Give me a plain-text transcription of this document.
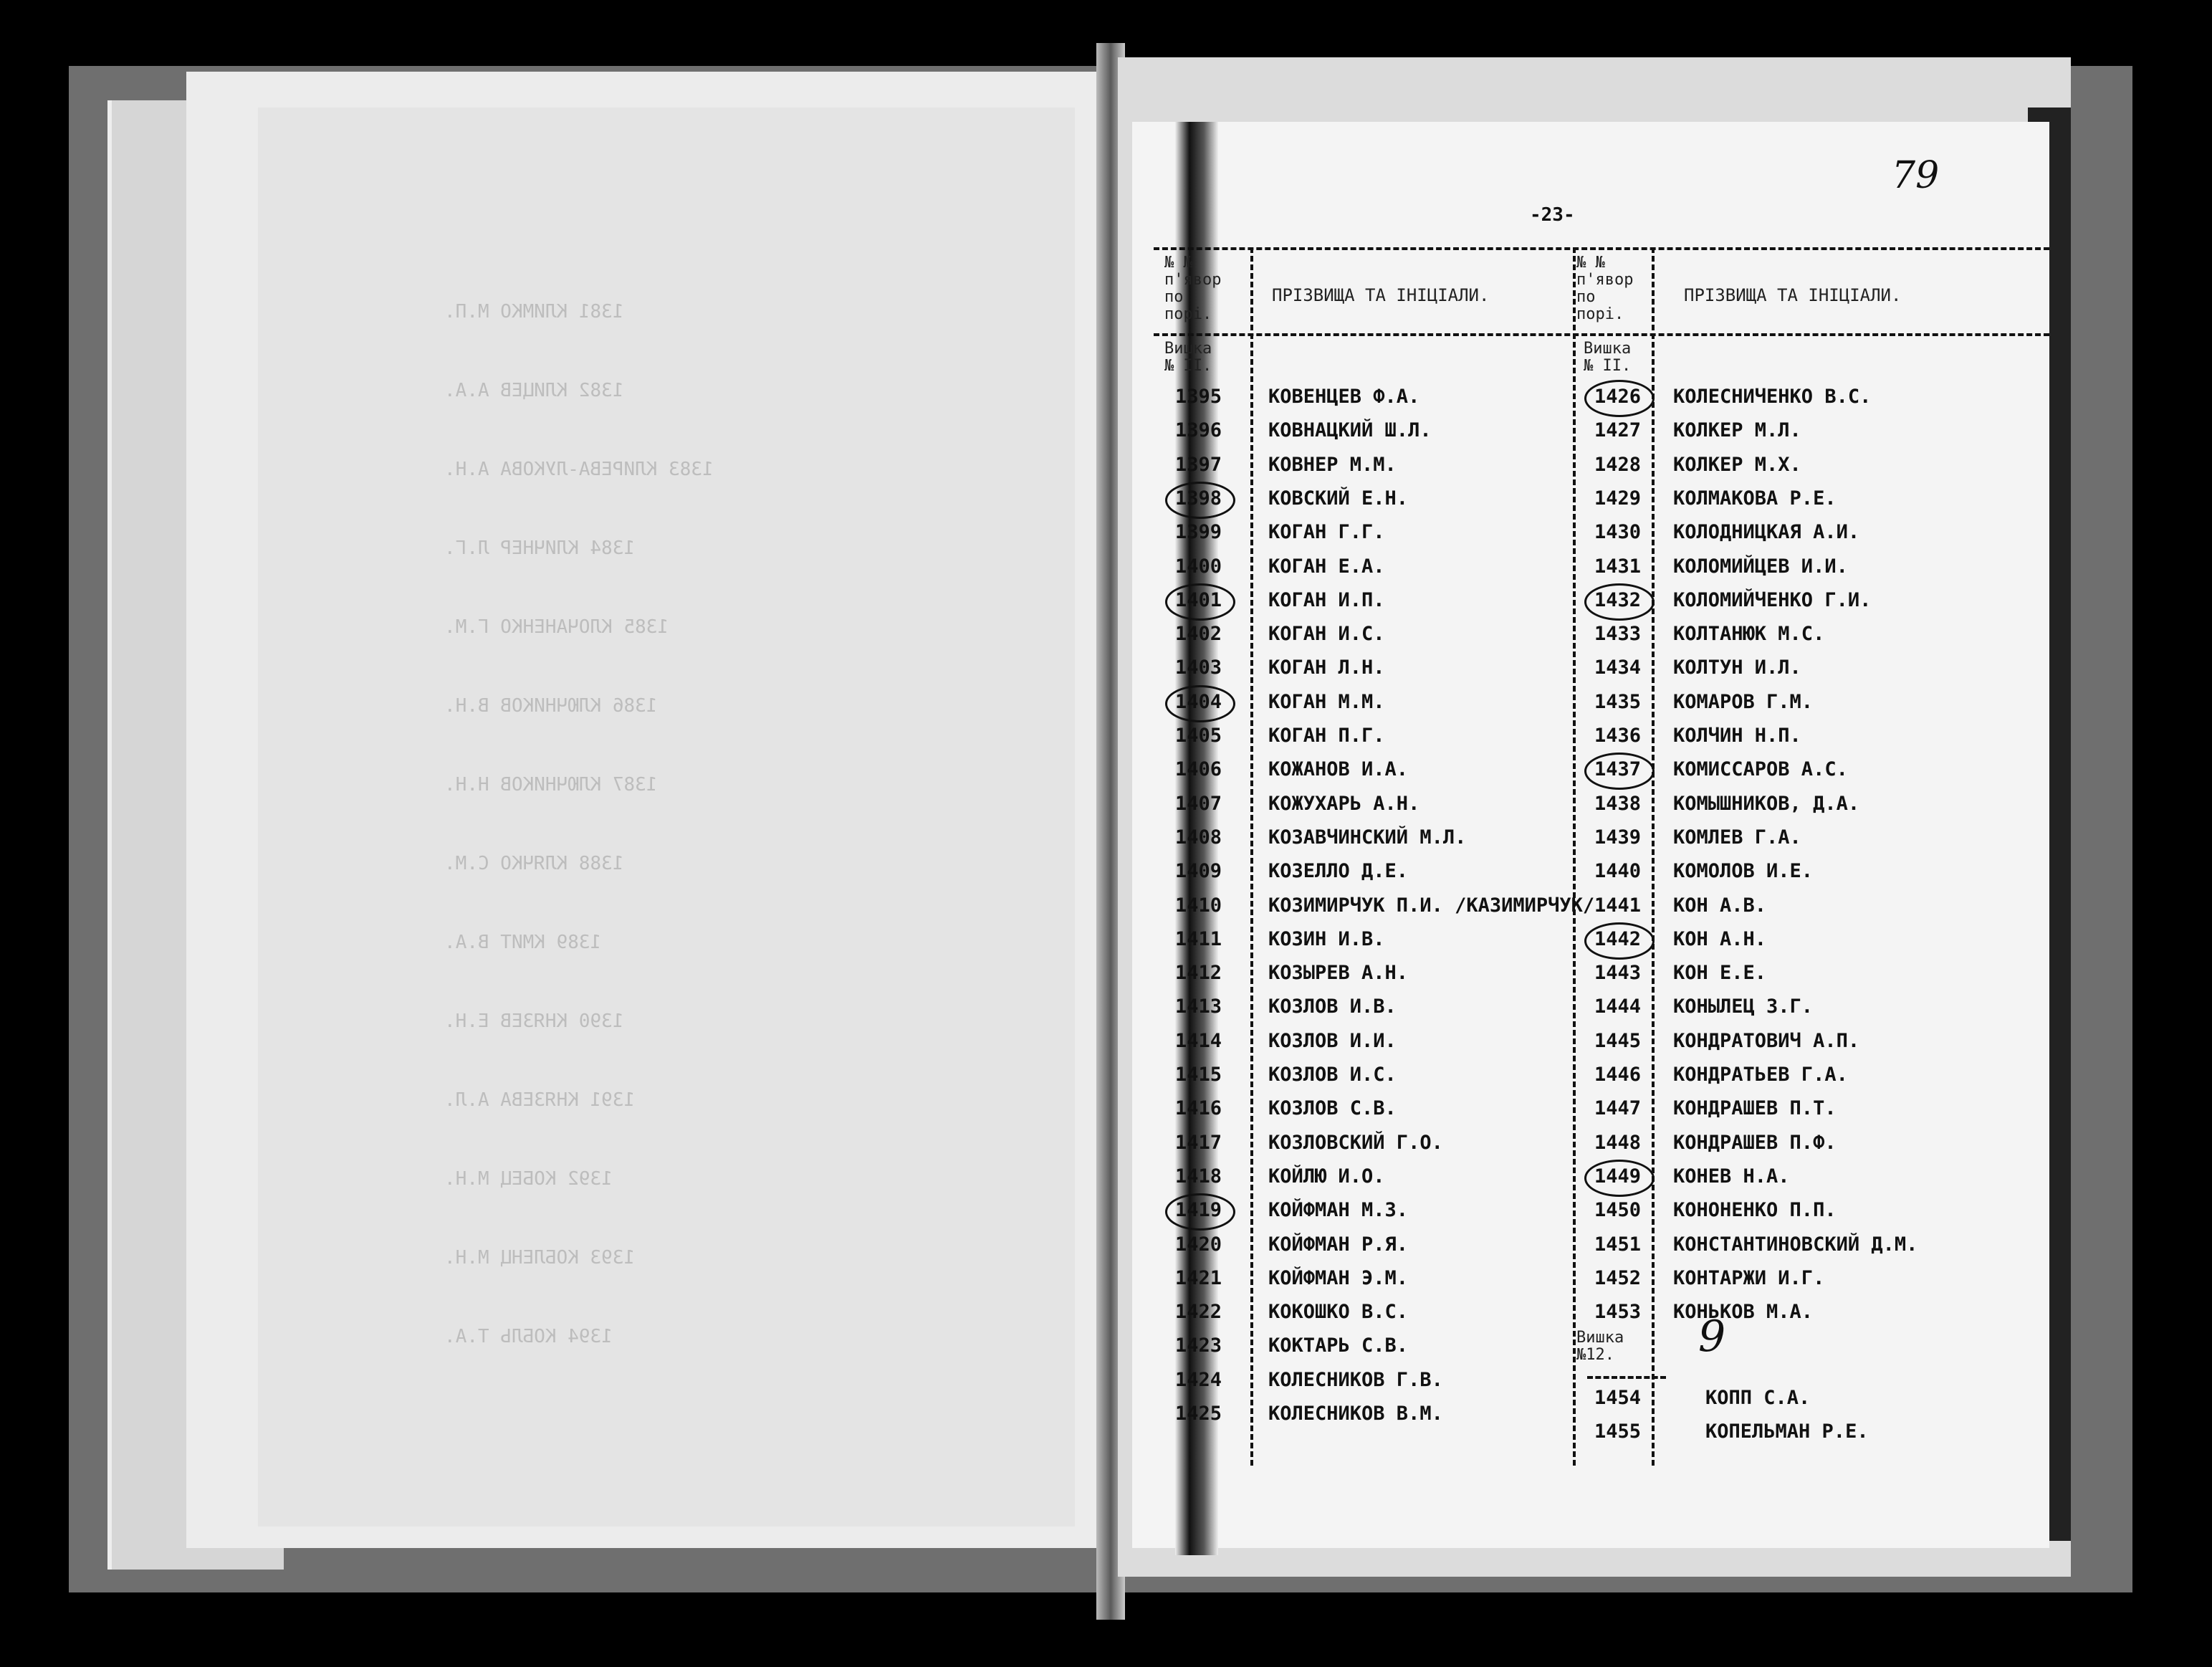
1381 КЛИМКО М.П.
1382 КЛИЦЕВ А.А.
1383 КЛИРЕВА-ЛУКОВА А.Н.
1384 КЛИЧНЕР Л.Г.
1385 КЛОЧАНЕНКО Г.М.
1386 КЛЮЧНИКОВ В.Н.
1387 КЛЮЧНИКОВ Н.Н.
1388 КЛЯЧКО С.М.
1389 КМИТ В.А.
1390 КНЯЗЕВ Е.Н.
1391 КНЯЗЕВА А.Л.
1392 КОБЕЦ М.Н.
1393 КОБЛЕНЦ М.Н.
1394 КОБЛЬ Т.А.
-23-
79
№ №
п'явор
по
порі.
ПРІЗВИЩА ТА ІНІЦІАЛИ.
№ №
п'явор
по
порі.
ПРІЗВИЩА ТА ІНІЦІАЛИ.
Вишка
№ II.
Вишка
№ II.
Вишка
№12. 9
1395 КОВЕНЦЕВ Ф.А.
1396 КОВНАЦКИЙ Ш.Л.
1397 КОВНЕР М.М.
1398 КОВСКИЙ Е.Н.
1399 КОГАН Г.Г.
1400 КОГАН Е.А.
1401 КОГАН И.П.
1402 КОГАН И.С.
1403 КОГАН Л.Н.
1404 КОГАН М.М.
1405 КОГАН П.Г.
1406 КОЖАНОВ И.А.
1407 КОЖУХАРЬ А.Н.
1408 КОЗАВЧИНСКИЙ М.Л.
1409 КОЗЕЛЛО Д.Е.
1410 КОЗИМИРЧУК П.И. /КАЗИМИРЧУК/
1411 КОЗИН И.В.
1412 КОЗЫРЕВ А.Н.
1413 КОЗЛОВ И.В.
1414 КОЗЛОВ И.И.
1415 КОЗЛОВ И.С.
1416 КОЗЛОВ С.В.
1417 КОЗЛОВСКИЙ Г.О.
1418 КОЙЛЮ И.О.
1419 КОЙФМАН М.З.
1420 КОЙФМАН Р.Я.
1421 КОЙФМАН Э.М.
1422 КОКОШКО В.С.
1423 КОКТАРЬ С.В.
1424 КОЛЕСНИКОВ Г.В.
1425 КОЛЕСНИКОВ В.М.
1426 КОЛЕСНИЧЕНКО В.С.
1427 КОЛКЕР М.Л.
1428 КОЛКЕР М.Х.
1429 КОЛМАКОВА Р.Е.
1430 КОЛОДНИЦКАЯ А.И.
1431 КОЛОМИЙЦЕВ И.И.
1432 КОЛОМИЙЧЕНКО Г.И.
1433 КОЛТАНЮК М.С.
1434 КОЛТУН И.Л.
1435 КОМАРОВ Г.М.
1436 КОЛЧИН Н.П.
1437 КОМИССАРОВ А.С.
1438 КОМЫШНИКОВ, Д.А.
1439 КОМЛЕВ Г.А.
1440 КОМОЛОВ И.Е.
1441 КОН А.В.
1442 КОН А.Н.
1443 КОН Е.Е.
1444 КОНЫЛЕЦ З.Г.
1445 КОНДРАТОВИЧ А.П.
1446 КОНДРАТЬЕВ Г.А.
1447 КОНДРАШЕВ П.Т.
1448 КОНДРАШЕВ П.Ф.
1449 КОНЕВ Н.А.
1450 КОНОНЕНКО П.П.
1451 КОНСТАНТИНОВСКИЙ Д.М.
1452 КОНТАРЖИ И.Г.
1453 КОНЬКОВ М.А.
1454	КОПП С.А.
1455	КОПЕЛЬМАН Р.Е.
